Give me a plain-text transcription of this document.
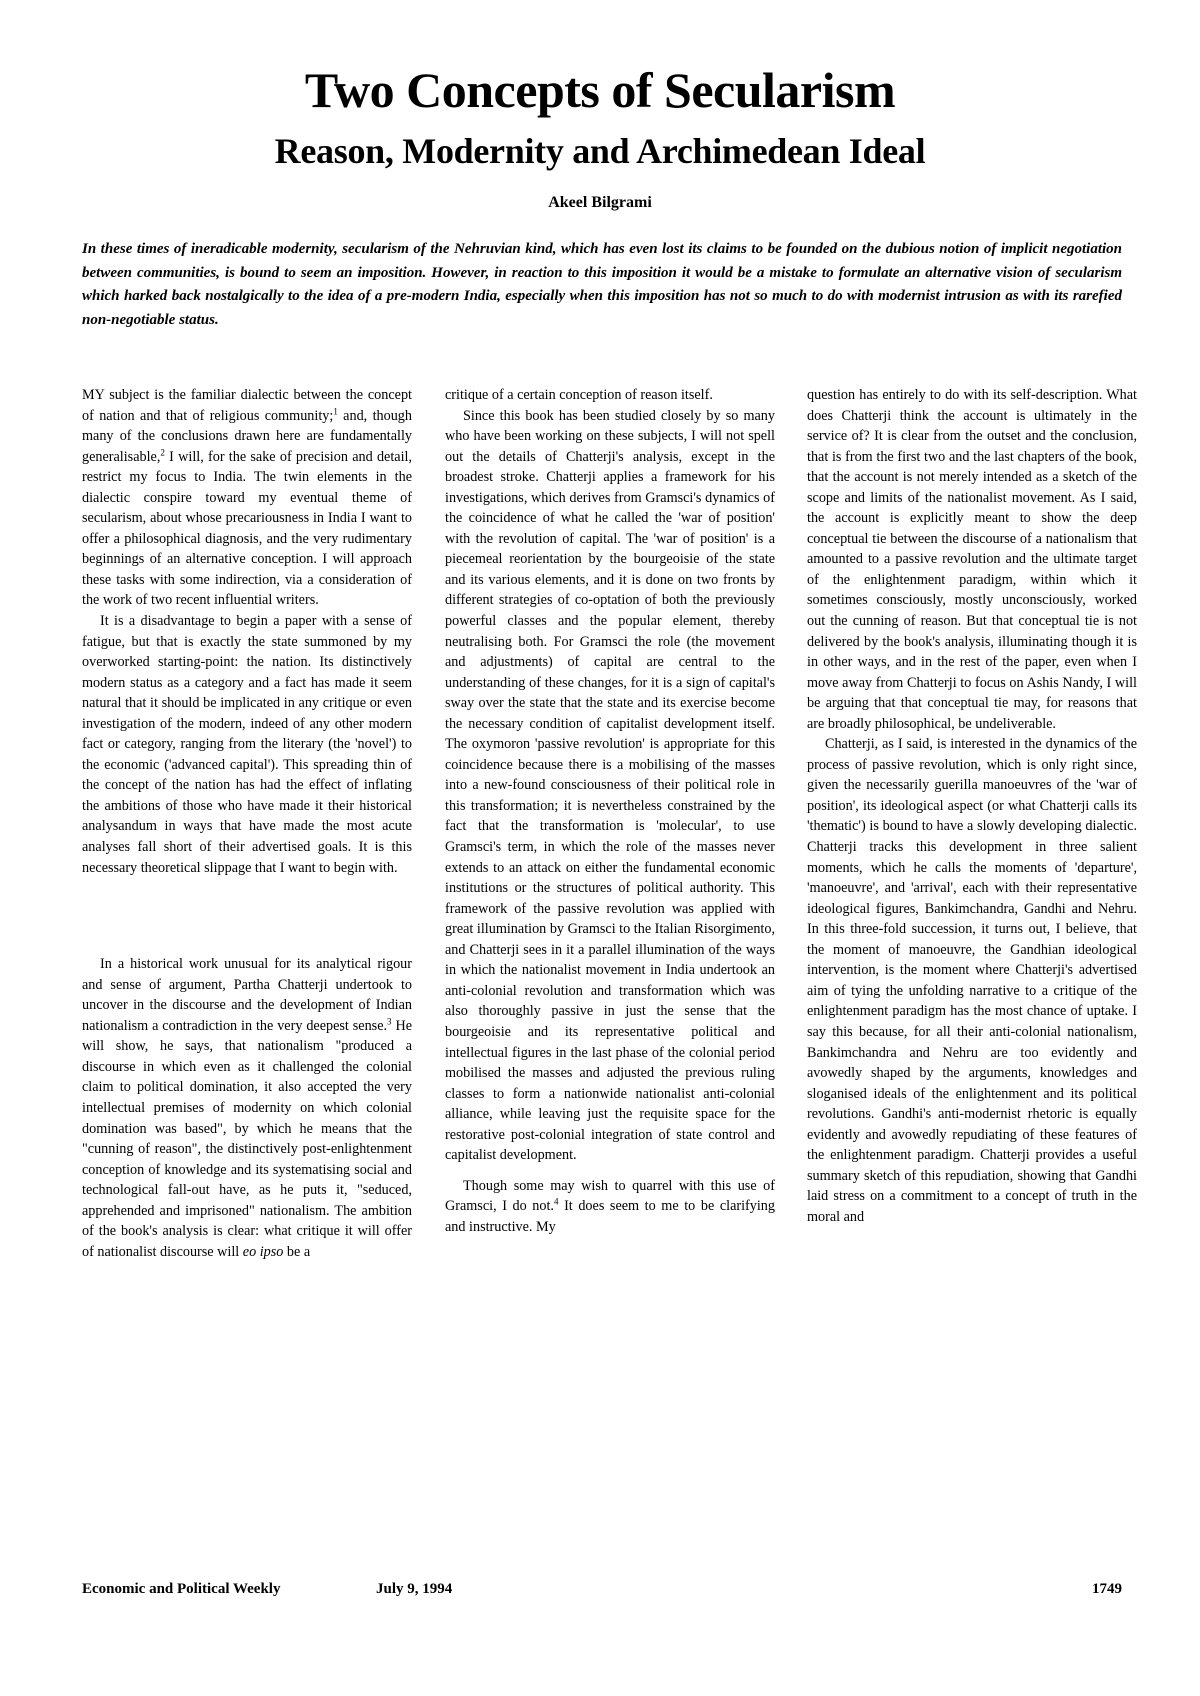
Two Concepts of Secularism
Reason, Modernity and Archimedean Ideal
Akeel Bilgrami

In these times of ineradicable modernity, secularism of the Nehruvian kind, which has even lost its claims to be founded on the dubious notion of implicit negotiation between communities, is bound to seem an imposition. However, in reaction to this imposition it would be a mistake to formulate an alternative vision of secularism which harked back nostalgically to the idea of a pre-modern India, especially when this imposition has not so much to do with modernist intrusion as with its rarefied non-negotiable status.

MY subject is the familiar dialectic between the concept of nation and that of religious community;$^1$ and, though many of the conclusions drawn here are fundamentally generalisable,$^2$ I will, for the sake of precision and detail, restrict my focus to India. The twin elements in the dialectic conspire toward my eventual theme of secularism, about whose precariousness in India I want to offer a philosophical diagnosis, and the very rudimentary beginnings of an alternative conception. I will approach these tasks with some indirection, via a consideration of the work of two recent influential writers.

It is a disadvantage to begin a paper with a sense of fatigue, but that is exactly the state summoned by my overworked starting-point: the nation. Its distinctively modern status as a category and a fact has made it seem natural that it should be implicated in any critique or even investigation of the modern, indeed of any other modern fact or category, ranging from the literary (the 'novel') to the economic ('advanced capital'). This spreading thin of the concept of the nation has had the effect of inflating the ambitions of those who have made it their historical analysandum in ways that have made the most acute analyses fall short of their advertised goals. It is this necessary theoretical slippage that I want to begin with.

In a historical work unusual for its analytical rigour and sense of argument, Partha Chatterji undertook to uncover in the discourse and the development of Indian nationalism a contradiction in the very deepest sense.$^3$ He will show, he says, that nationalism "produced a discourse in which even as it challenged the colonial claim to political domination, it also accepted the very intellectual premises of modernity on which colonial domination was based", by which he means that the "cunning of reason", the distinctively post-enlightenment conception of knowledge and its systematising social and technological fall-out have, as he puts it, "seduced, apprehended and imprisoned" nationalism. The ambition of the book's analysis is clear: what critique it will offer of nationalist discourse will eo ipso be a

critique of a certain conception of reason itself.

Since this book has been studied closely by so many who have been working on these subjects, I will not spell out the details of Chatterji's analysis, except in the broadest stroke. Chatterji applies a framework for his investigations, which derives from Gramsci's dynamics of the coincidence of what he called the 'war of position' with the revolution of capital. The 'war of position' is a piecemeal reorientation by the bourgeoisie of the state and its various elements, and it is done on two fronts by different strategies of co-optation of both the previously powerful classes and the popular element, thereby neutralising both. For Gramsci the role (the movement and adjustments) of capital are central to the understanding of these changes, for it is a sign of capital's sway over the state that the state and its exercise become the necessary condition of capitalist development itself. The oxymoron 'passive revolution' is appropriate for this coincidence because there is a mobilising of the masses into a new-found consciousness of their political role in this transformation; it is nevertheless constrained by the fact that the transformation is 'molecular', to use Gramsci's term, in which the role of the masses never extends to an attack on either the fundamental economic institutions or the structures of political authority. This framework of the passive revolution was applied with great illumination by Gramsci to the Italian Risorgimento, and Chatterji sees in it a parallel illumination of the ways in which the nationalist movement in India undertook an anti-colonial revolution and transformation which was also thoroughly passive in just the sense that the bourgeoisie and its representative political and intellectual figures in the last phase of the colonial period mobilised the masses and adjusted the previous ruling classes to form a nationwide nationalist anti-colonial alliance, while leaving just the requisite space for the restorative post-colonial integration of state control and capitalist development.

Though some may wish to quarrel with this use of Gramsci, I do not.$^4$ It does seem to me to be clarifying and instructive. My

question has entirely to do with its self-description. What does Chatterji think the account is ultimately in the service of? It is clear from the outset and the conclusion, that is from the first two and the last chapters of the book, that the account is not merely intended as a sketch of the scope and limits of the nationalist movement. As I said, the account is explicitly meant to show the deep conceptual tie between the discourse of a nationalism that amounted to a passive revolution and the ultimate target of the enlightenment paradigm, within which it sometimes consciously, mostly unconsciously, worked out the cunning of reason. But that conceptual tie is not delivered by the book's analysis, illuminating though it is in other ways, and in the rest of the paper, even when I move away from Chatterji to focus on Ashis Nandy, I will be arguing that that conceptual tie may, for reasons that are broadly philosophical, be undeliverable.

Chatterji, as I said, is interested in the dynamics of the process of passive revolution, which is only right since, given the necessarily guerilla manoeuvres of the 'war of position', its ideological aspect (or what Chatterji calls its 'thematic') is bound to have a slowly developing dialectic. Chatterji tracks this development in three salient moments, which he calls the moments of 'departure', 'manoeuvre', and 'arrival', each with their representative ideological figures, Bankimchandra, Gandhi and Nehru. In this three-fold succession, it turns out, I believe, that the moment of manoeuvre, the Gandhian ideological intervention, is the moment where Chatterji's advertised aim of tying the unfolding narrative to a critique of the enlightenment paradigm has the most chance of uptake. I say this because, for all their anti-colonial nationalism, Bankimchandra and Nehru are too evidently and avowedly shaped by the arguments, knowledges and sloganised ideals of the enlightenment and its political revolutions. Gandhi's anti-modernist rhetoric is equally evidently and avowedly repudiating of these features of the enlightenment paradigm. Chatterji provides a useful summary sketch of this repudiation, showing that Gandhi laid stress on a commitment to a concept of truth in the moral and

Economic and Political Weekly	July 9, 1994	1749
